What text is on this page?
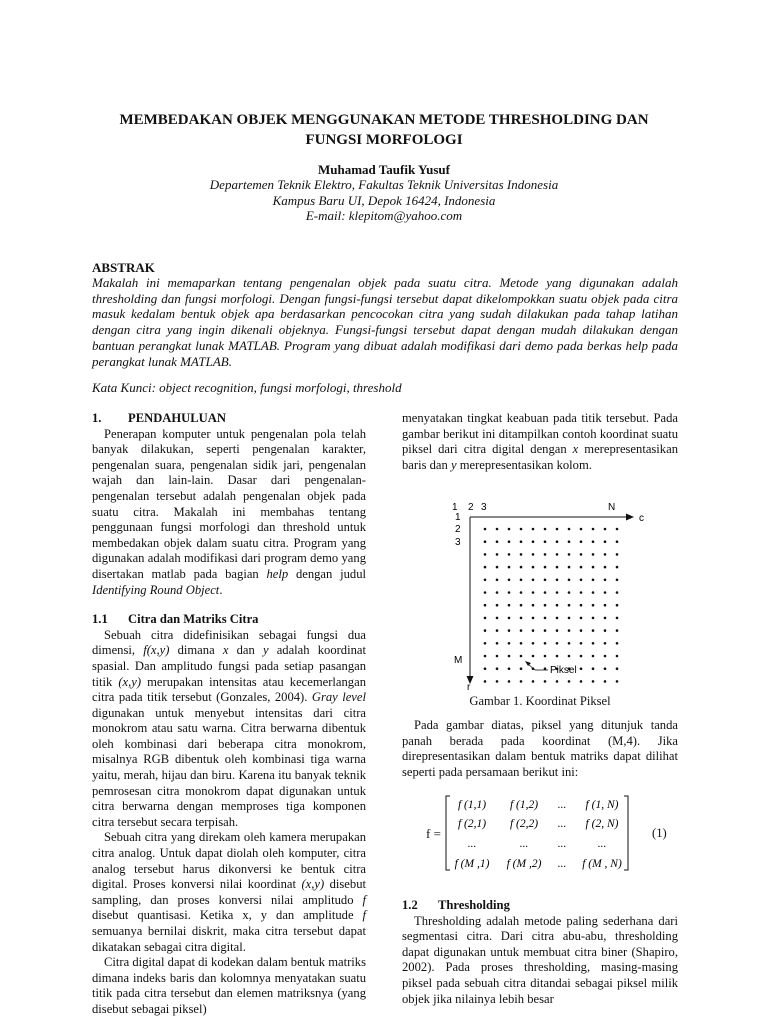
MEMBEDAKAN OBJEK MENGGUNAKAN METODE THRESHOLDING DAN
FUNGSI MORFOLOGI
Muhamad Taufik Yusuf
Departemen Teknik Elektro, Fakultas Teknik Universitas Indonesia
Kampus Baru UI, Depok 16424, Indonesia
E-mail: klepitom@yahoo.com
ABSTRAK
Makalah ini memaparkan tentang pengenalan objek pada suatu citra. Metode yang digunakan adalah thresholding dan fungsi morfologi. Dengan fungsi-fungsi tersebut dapat dikelompokkan suatu objek pada citra masuk kedalam bentuk objek apa berdasarkan pencocokan citra yang sudah dilakukan pada tahap latihan dengan citra yang ingin dikenali objeknya. Fungsi-fungsi tersebut dapat dengan mudah dilakukan dengan bantuan perangkat lunak MATLAB. Program yang dibuat adalah modifikasi dari demo pada berkas help pada perangkat lunak MATLAB.
Kata Kunci: object recognition, fungsi morfologi, threshold

1. PENDAHULUAN

Penerapan komputer untuk pengenalan pola telah banyak dilakukan, seperti pengenalan karakter, pengenalan suara, pengenalan sidik jari, pengenalan wajah dan lain-lain. Dasar dari pengenalan-pengenalan tersebut adalah pengenalan objek pada suatu citra. Makalah ini membahas tentang penggunaan fungsi morfologi dan threshold untuk membedakan objek dalam suatu citra. Program yang digunakan adalah modifikasi dari program demo yang disertakan matlab pada bagian help dengan judul Identifying Round Object.

1.1 Citra dan Matriks Citra

Sebuah citra didefinisikan sebagai fungsi dua dimensi, f(x,y) dimana x dan y adalah koordinat spasial. Dan amplitudo fungsi pada setiap pasangan titik (x,y) merupakan intensitas atau kecemerlangan citra pada titik tersebut (Gonzales, 2004). Gray level digunakan untuk menyebut intensitas dari citra monokrom atau satu warna. Citra berwarna dibentuk oleh kombinasi dari beberapa citra monokrom, misalnya RGB dibentuk oleh kombinasi tiga warna yaitu, merah, hijau dan biru. Karena itu banyak teknik pemrosesan citra monokrom dapat digunakan untuk citra berwarna dengan memproses tiga komponen citra tersebut secara terpisah.

Sebuah citra yang direkam oleh kamera merupakan citra analog. Untuk dapat diolah oleh komputer, citra analog tersebut harus dikonversi ke bentuk citra digital. Proses konversi nilai koordinat (x,y) disebut sampling, dan proses konversi nilai amplitudo f disebut quantisasi. Ketika x, y dan amplitude f semuanya bernilai diskrit, maka citra tersebut dapat dikatakan sebagai citra digital.

Citra digital dapat di kodekan dalam bentuk matriks dimana indeks baris dan kolomnya menyatakan suatu titik pada citra tersebut dan elemen matriksnya (yang disebut sebagai piksel)

menyatakan tingkat keabuan pada titik tersebut. Pada gambar berikut ini ditampilkan contoh koordinat suatu piksel dari citra digital dengan x merepresentasikan baris dan y merepresentasikan kolom.

1 2 3	N
c
1
2
3
M
r
Piksel
Gambar 1. Koordinat Piksel

Pada gambar diatas, piksel yang ditunjuk tanda panah berada pada koordinat (M,4). Jika direpresentasikan dalam bentuk matriks dapat dilihat seperti pada persamaan berikut ini:

f =
f (1,1) f (1,2) ... f (1, N)
f (2,1) f (2,2) ... f (2, N)
...	...	...	...
f (M ,1) f (M ,2) ... f (M , N)
(1)

1.2 Thresholding

Thresholding adalah metode paling sederhana dari segmentasi citra. Dari citra abu-abu, thresholding dapat digunakan untuk membuat citra biner (Shapiro, 2002). Pada proses thresholding, masing-masing piksel pada sebuah citra ditandai sebagai piksel milik objek jika nilainya lebih besar
